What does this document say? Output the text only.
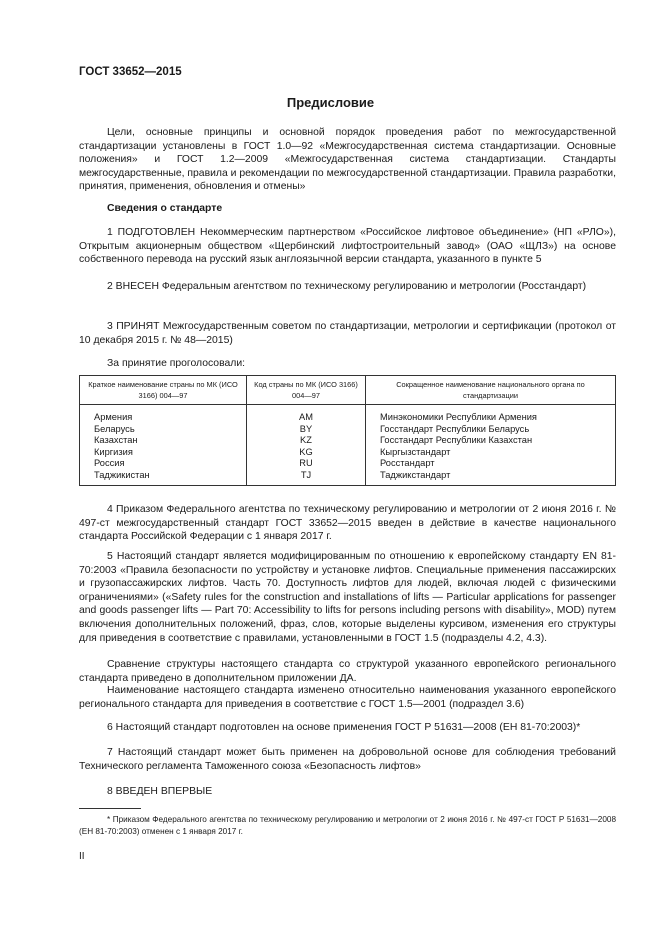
ГОСТ 33652—2015
Предисловие

Цели, основные принципы и основной порядок проведения работ по межгосударственной стандартизации установлены в ГОСТ 1.0—92 «Межгосударственная система стандартизации. Основные положения» и ГОСТ 1.2—2009 «Межгосударственная система стандартизации. Стандарты межгосударственные, правила и рекомендации по межгосударственной стандартизации. Правила разработки, принятия, применения, обновления и отмены»

Сведения о стандарте

1 ПОДГОТОВЛЕН Некоммерческим партнерством «Российское лифтовое объединение» (НП «РЛО»), Открытым акционерным обществом «Щербинский лифтостроительный завод» (ОАО «ЩЛЗ») на основе собственного перевода на русский язык англоязычной версии стандарта, указанного в пункте 5

2 ВНЕСЕН Федеральным агентством по техническому регулированию и метрологии (Росстандарт)

3 ПРИНЯТ Межгосударственным советом по стандартизации, метрологии и сертификации (протокол от 10 декабря 2015 г. № 48—2015)

За принятие проголосовали:

Краткое наименование страны по МК (ИСО 3166) 004—97	Код страны по МК (ИСО 3166) 004—97	Сокращенное наименование национального органа по стандартизации
Армения	AM	Минэкономики Республики Армения
Беларусь	BY	Госстандарт Республики Беларусь
Казахстан	KZ	Госстандарт Республики Казахстан
Киргизия	KG	Кыргызстандарт
Россия	RU	Росстандарт
Таджикистан	TJ	Таджикстандарт

4 Приказом Федерального агентства по техническому регулированию и метрологии от 2 июня 2016 г. № 497-ст межгосударственный стандарт ГОСТ 33652—2015 введен в действие в качестве национального стандарта Российской Федерации с 1 января 2017 г.

5 Настоящий стандарт является модифицированным по отношению к европейскому стандарту EN 81-70:2003 «Правила безопасности по устройству и установке лифтов. Специальные применения пассажирских и грузопассажирских лифтов. Часть 70. Доступность лифтов для людей, включая людей с физическими ограничениями» («Safety rules for the construction and installations of lifts — Particular applications for passenger and goods passenger lifts — Part 70: Accessibility to lifts for persons including persons with disability», MOD) путем включения дополнительных положений, фраз, слов, которые выделены курсивом, изменения его структуры для приведения в соответствие с правилами, установленными в ГОСТ 1.5 (подразделы 4.2, 4.3).

Сравнение структуры настоящего стандарта со структурой указанного европейского регионального стандарта приведено в дополнительном приложении ДА.

Наименование настоящего стандарта изменено относительно наименования указанного европейского регионального стандарта для приведения в соответствие с ГОСТ 1.5—2001 (подраздел 3.6)

6 Настоящий стандарт подготовлен на основе применения ГОСТ Р 51631—2008 (ЕН 81-70:2003)*

7 Настоящий стандарт может быть применен на добровольной основе для соблюдения требований Технического регламента Таможенного союза «Безопасность лифтов»

8 ВВЕДЕН ВПЕРВЫЕ

* Приказом Федерального агентства по техническому регулированию и метрологии от 2 июня 2016 г. № 497-ст ГОСТ Р 51631—2008 (ЕН 81-70:2003) отменен с 1 января 2017 г.

II
